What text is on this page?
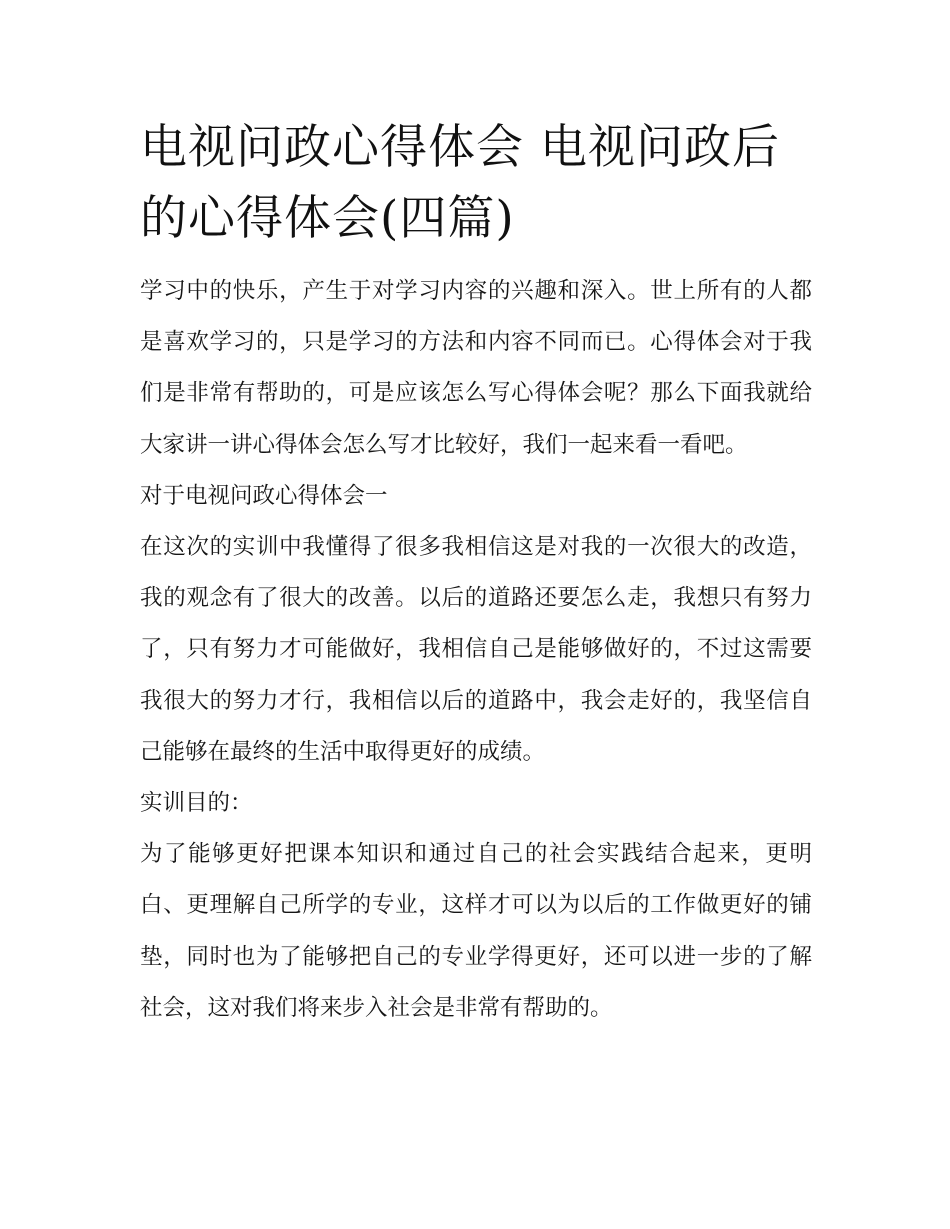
电视问政心得体会 电视问政后的心得体会(四篇)

学习中的快乐，产生于对学习内容的兴趣和深入。世上所有的人都是喜欢学习的，只是学习的方法和内容不同而已。心得体会对于我们是非常有帮助的，可是应该怎么写心得体会呢？那么下面我就给大家讲一讲心得体会怎么写才比较好，我们一起来看一看吧。

对于电视问政心得体会一

在这次的实训中我懂得了很多我相信这是对我的一次很大的改造，我的观念有了很大的改善。以后的道路还要怎么走，我想只有努力了，只有努力才可能做好，我相信自己是能够做好的，不过这需要我很大的努力才行，我相信以后的道路中，我会走好的，我坚信自己能够在最终的生活中取得更好的成绩。

实训目的：

为了能够更好把课本知识和通过自己的社会实践结合起来，更明白、更理解自己所学的专业，这样才可以为以后的工作做更好的铺垫，同时也为了能够把自己的专业学得更好，还可以进一步的了解社会，这对我们将来步入社会是非常有帮助的。
